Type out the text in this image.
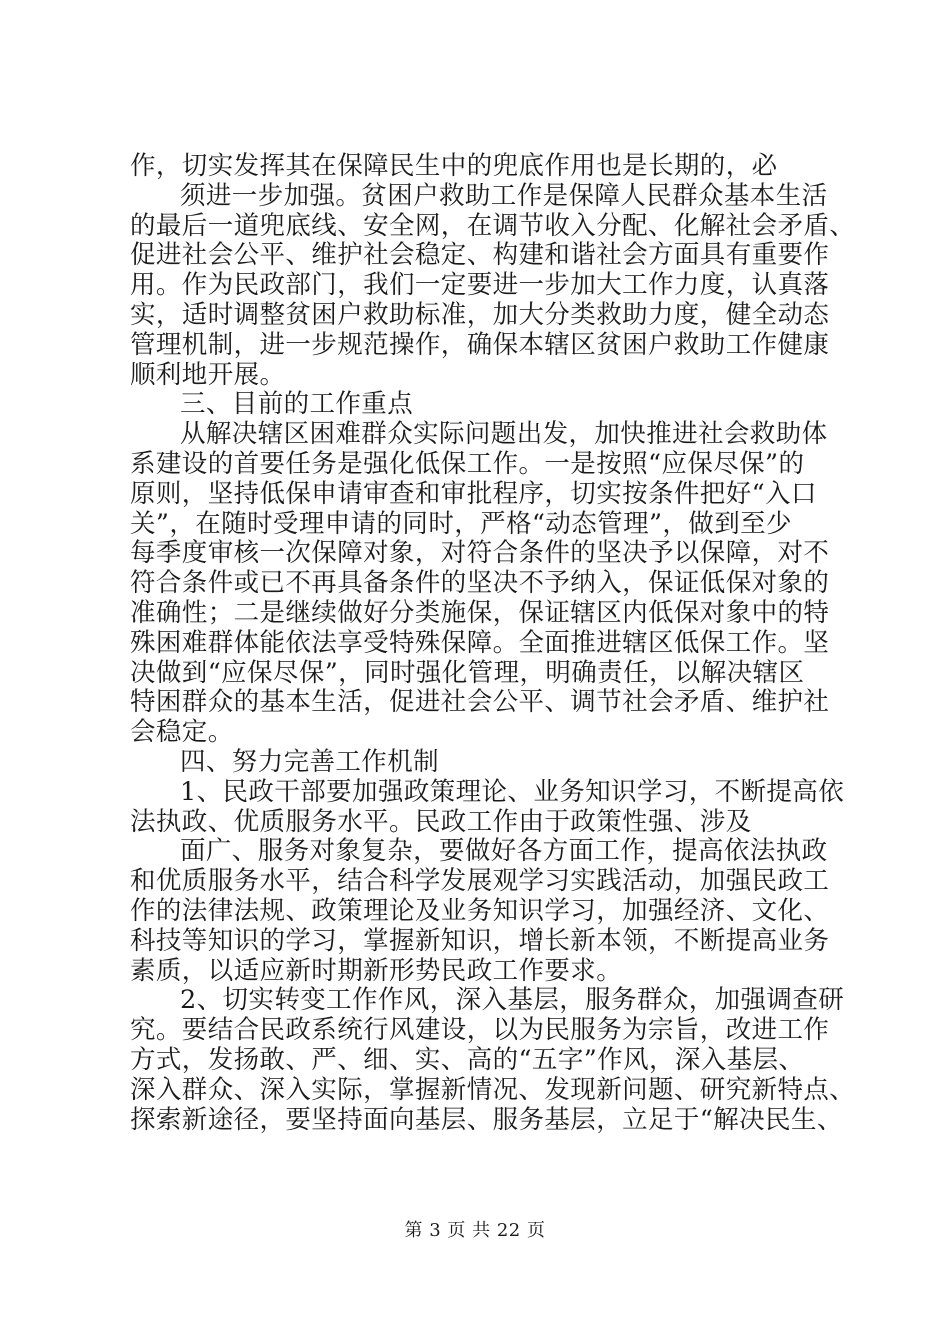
作，切实发挥其在保障民生中的兜底作用也是长期的，必
须进一步加强。贫困户救助工作是保障人民群众基本生活
的最后一道兜底线、安全网，在调节收入分配、化解社会矛盾、
促进社会公平、维护社会稳定、构建和谐社会方面具有重要作
用。作为民政部门，我们一定要进一步加大工作力度，认真落
实，适时调整贫困户救助标准，加大分类救助力度，健全动态
管理机制，进一步规范操作，确保本辖区贫困户救助工作健康
顺利地开展。
三、目前的工作重点
从解决辖区困难群众实际问题出发，加快推进社会救助体
系建设的首要任务是强化低保工作。一是按照“应保尽保”的
原则，坚持低保申请审查和审批程序，切实按条件把好“入口
关”，在随时受理申请的同时，严格“动态管理”，做到至少
每季度审核一次保障对象，对符合条件的坚决予以保障，对不
符合条件或已不再具备条件的坚决不予纳入，保证低保对象的
准确性；二是继续做好分类施保，保证辖区内低保对象中的特
殊困难群体能依法享受特殊保障。全面推进辖区低保工作。坚
决做到“应保尽保”，同时强化管理，明确责任，以解决辖区
特困群众的基本生活，促进社会公平、调节社会矛盾、维护社
会稳定。
四、努力完善工作机制
1、民政干部要加强政策理论、业务知识学习，不断提高依
法执政、优质服务水平。民政工作由于政策性强、涉及
面广、服务对象复杂，要做好各方面工作，提高依法执政
和优质服务水平，结合科学发展观学习实践活动，加强民政工
作的法律法规、政策理论及业务知识学习，加强经济、文化、
科技等知识的学习，掌握新知识，增长新本领，不断提高业务
素质，以适应新时期新形势民政工作要求。
2、切实转变工作作风，深入基层，服务群众，加强调查研
究。要结合民政系统行风建设，以为民服务为宗旨，改进工作
方式，发扬敢、严、细、实、高的“五字”作风，深入基层、
深入群众、深入实际，掌握新情况、发现新问题、研究新特点、
探索新途径，要坚持面向基层、服务基层，立足于“解决民生、
第 3 页 共 22 页
